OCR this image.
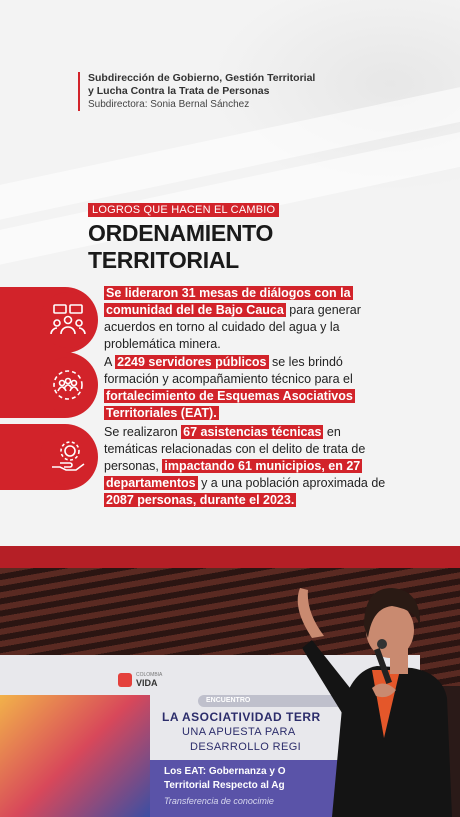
Subdirección de Gobierno, Gestión Territorial
y Lucha Contra la Trata de Personas
Subdirectora: Sonia Bernal Sánchez
LOGROS QUE HACEN EL CAMBIO
ORDENAMIENTO
TERRITORIAL
Se lideraron 31 mesas de diálogos con la comunidad del de Bajo Cauca para generar acuerdos en torno al cuidado del agua y la problemática minera.
A 2249 servidores públicos se les brindó formación y acompañamiento técnico para el fortalecimiento de Esquemas Asociativos Territoriales (EAT).
Se realizaron 67 asistencias técnicas en temáticas relacionadas con el delito de trata de personas, impactando 61 municipios, en 27 departamentos y a una población aproximada de 2087 personas, durante el 2023.
COLOMBIA
VIDA
ENCUENTRO
LA ASOCIATIVIDAD TERR
UNA APUESTA PARA
DESARROLLO REGI
Los EAT: Gobernanza y O
Territorial Respecto al Ag
Transferencia de conocimie
